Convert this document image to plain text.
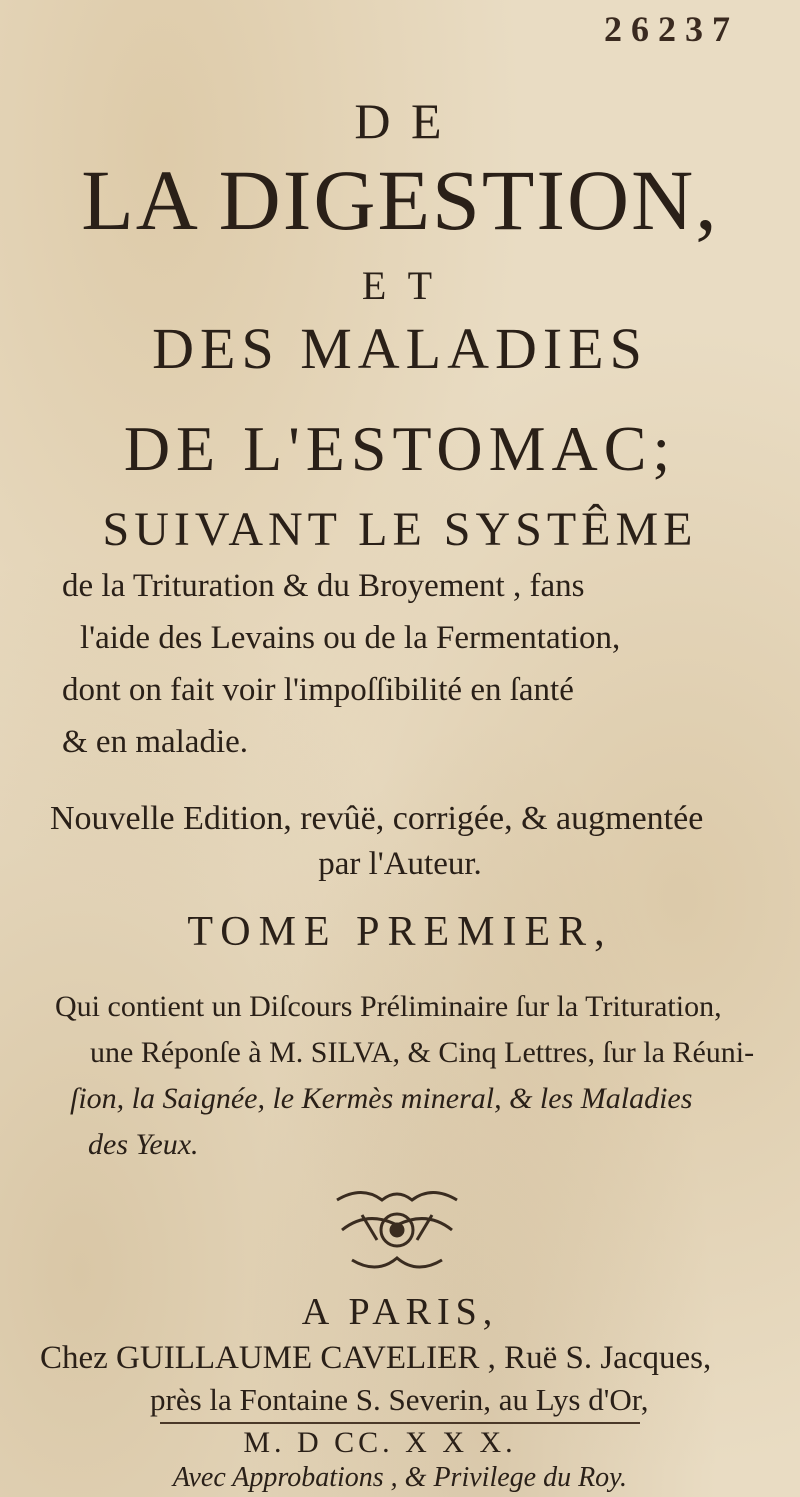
2 6 2 3 7
D E
LA DIGESTION,
E T
DES MALADIES
DE L'ESTOMAC;
SUIVANT LE SYSTÊME
de la Trituration & du Broyement , fans
l'aide des Levains ou de la Fermentation,
dont on fait voir l'impoſſibilité en ſanté
& en maladie.
Nouvelle Edition, revûë, corrigée, & augmentée
par l'Auteur.
TOME PREMIER,
Qui contient un Diſcours Préliminaire ſur la Trituration,
une Réponſe à M. SILVA, & Cinq Lettres, ſur la Réuni-
ſion, la Saignée, le Kermès mineral, & les Maladies
des Yeux.
A PARIS,
Chez GUILLAUME CAVELIER , Ruë S. Jacques,
près la Fontaine S. Severin, au Lys d'Or,
M. D CC. X X X.
Avec Approbations , & Privilege du Roy.
